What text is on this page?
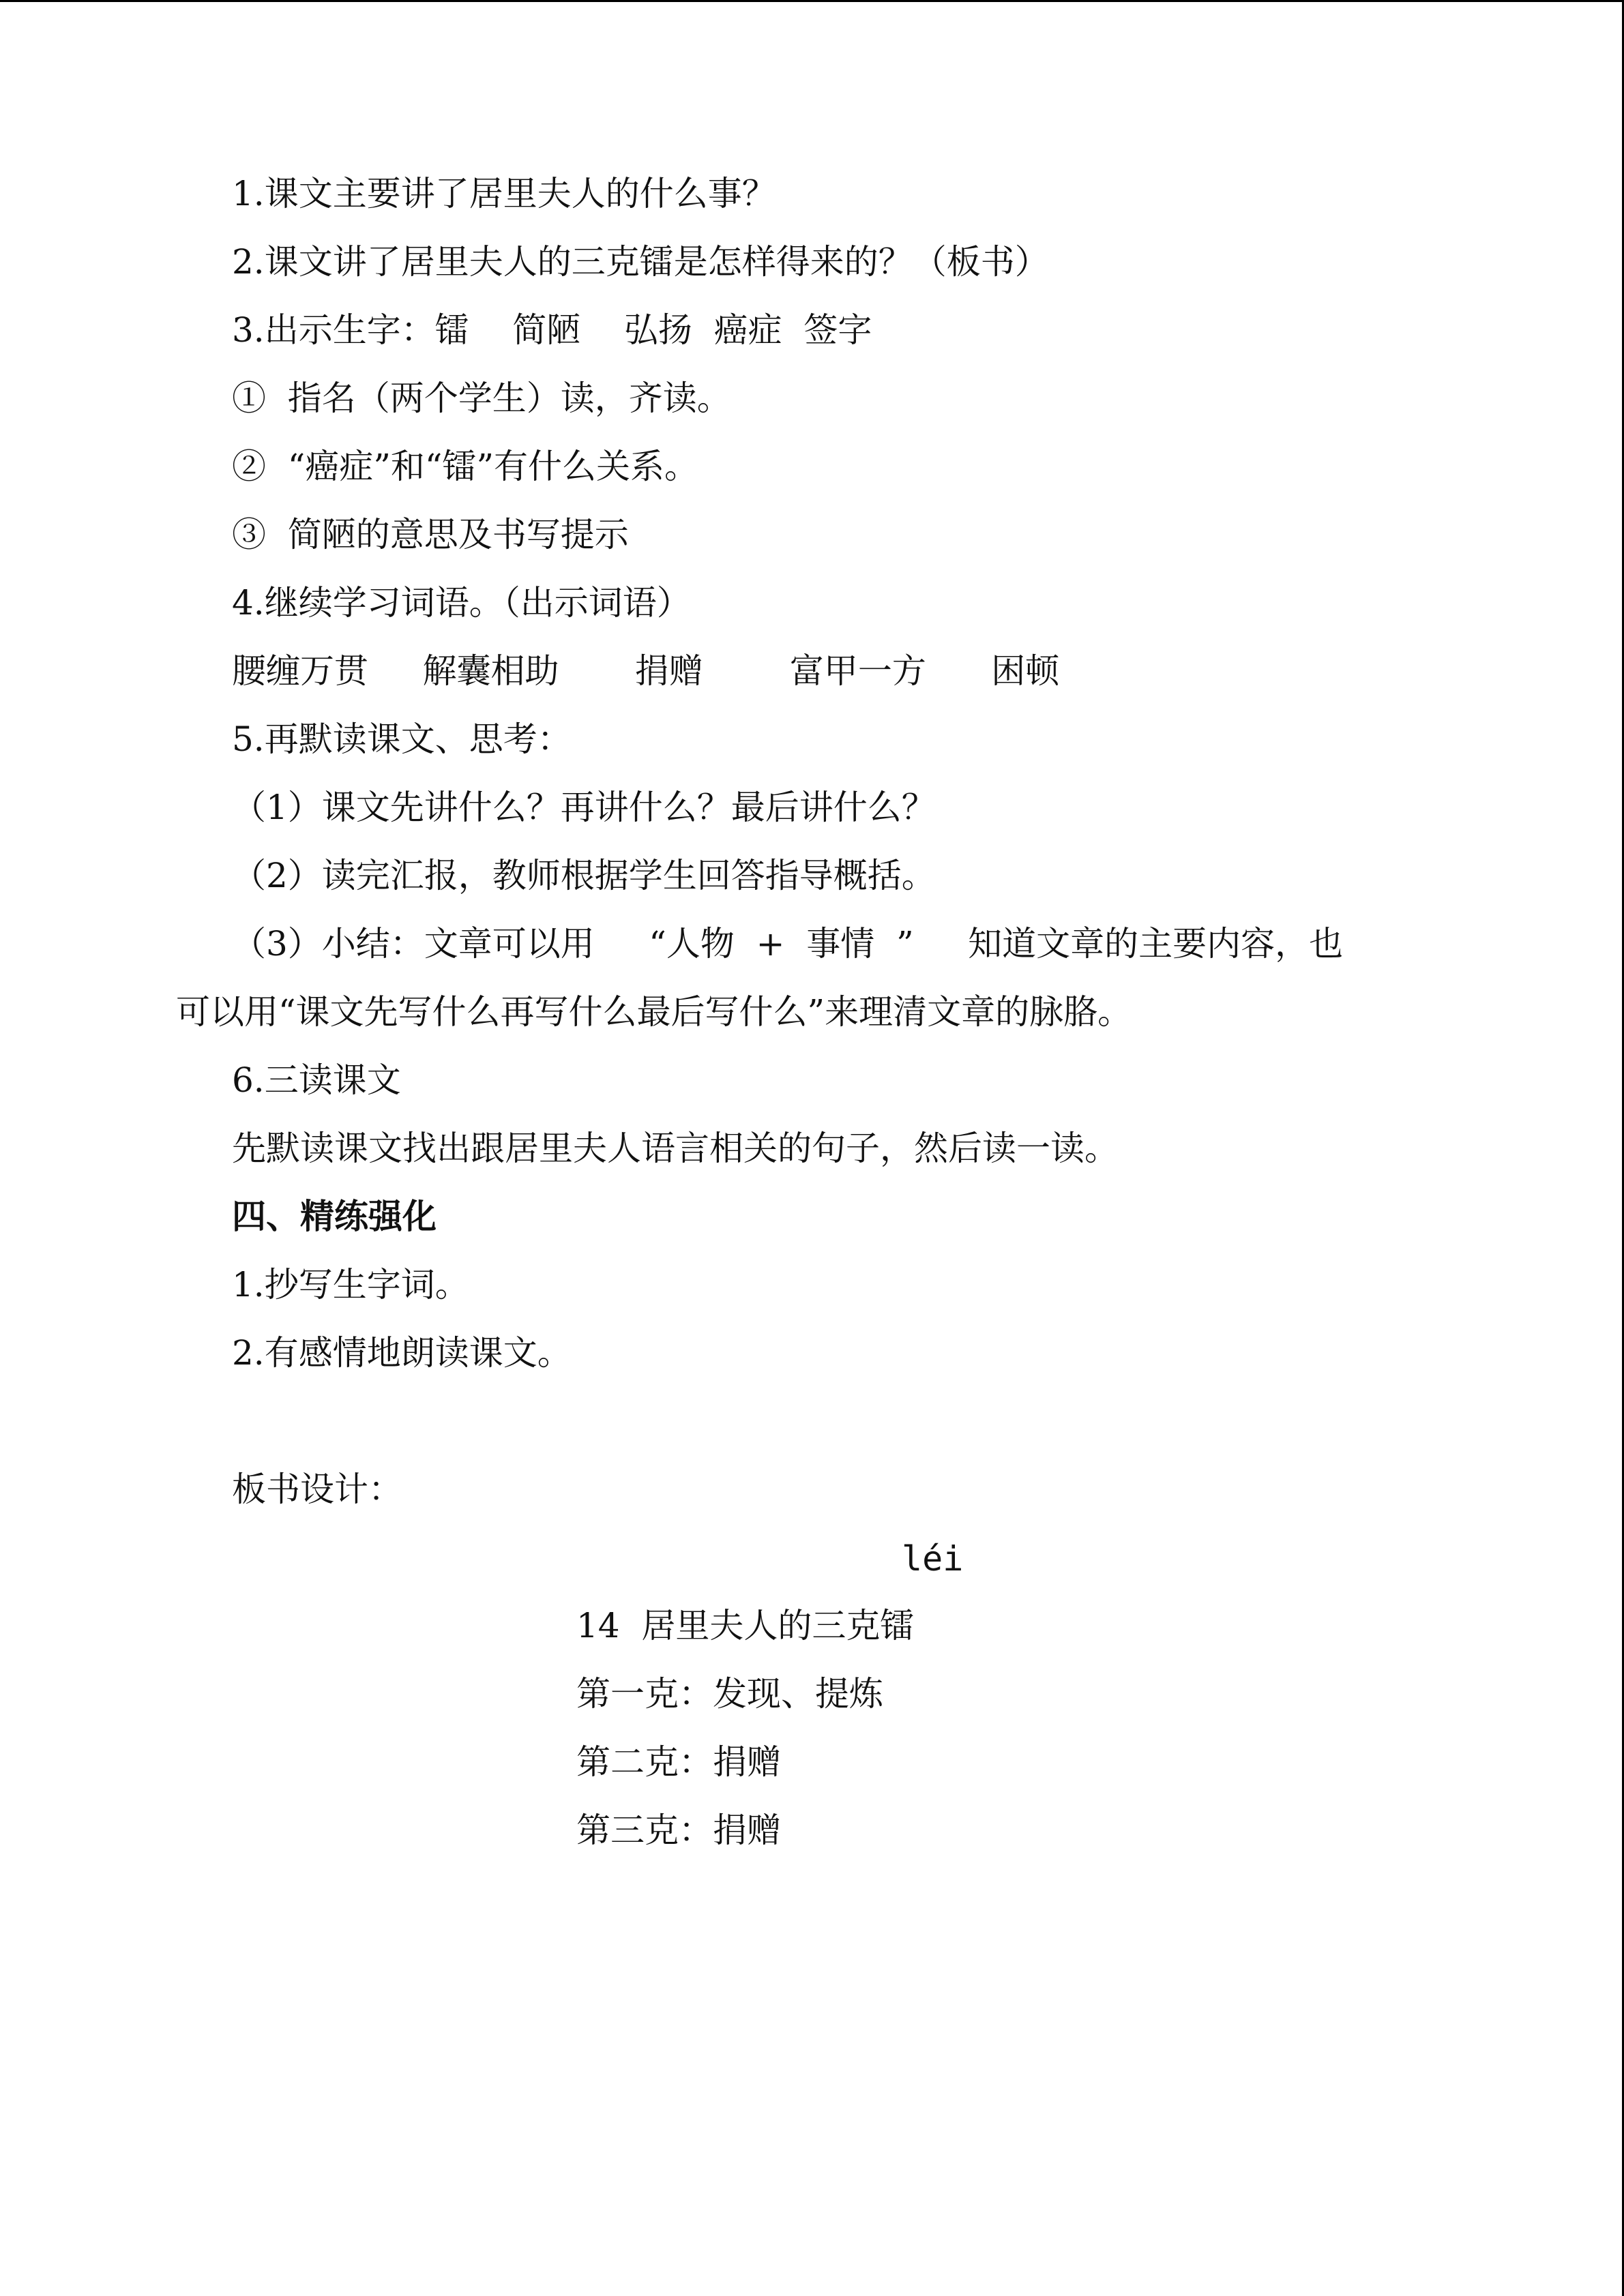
1.课文主要讲了居里夫人的什么事？
2.课文讲了居里夫人的三克镭是怎样得来的？（板书）
3.出示生字：镭    简陋    弘扬  癌症  签字
①  指名（两个学生）读，齐读。
②  “癌症”和“镭”有什么关系。
③  简陋的意思及书写提示
4.继续学习词语。（出示词语）
腰缠万贯     解囊相助       捐赠        富甲一方      困顿
5.再默读课文、思考：
（1）课文先讲什么？再讲什么？最后讲什么？
（2）读完汇报，教师根据学生回答指导概括。
（3）小结：文章可以用     “人物  +  事情  ”     知道文章的主要内容，也
可以用“课文先写什么再写什么最后写什么”来理清文章的脉胳。
6.三读课文
先默读课文找出跟居里夫人语言相关的句子，然后读一读。
四、精练强化
1.抄写生字词。
2.有感情地朗读课文。
板书设计：
léi
14  居里夫人的三克镭
第一克：发现、提炼
第二克：捐赠
第三克：捐赠
